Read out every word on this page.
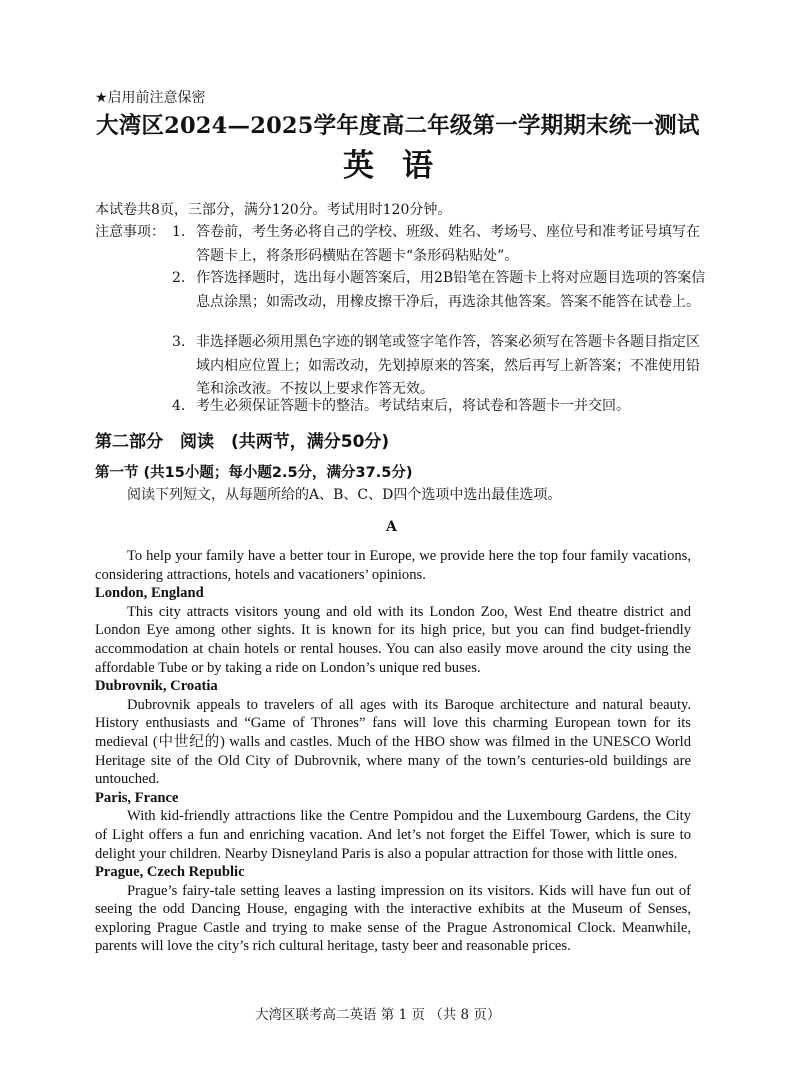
★启用前注意保密
大湾区2024—2025学年度高二年级第一学期期末统一测试
英语
本试卷共8页，三部分，满分120分。考试用时120分钟。
注意事项： 1. 答卷前，考生务必将自己的学校、班级、姓名、考场号、座位号和准考证号填写在答题卡上，将条形码横贴在答题卡“条形码粘贴处”。
2. 作答选择题时，选出每小题答案后，用2B铅笔在答题卡上将对应题目选项的答案信息点涂黑；如需改动，用橡皮擦干净后，再选涂其他答案。答案不能答在试卷上。
3. 非选择题必须用黑色字迹的钢笔或签字笔作答，答案必须写在答题卡各题目指定区域内相应位置上；如需改动，先划掉原来的答案，然后再写上新答案；不准使用铅笔和涂改液。不按以上要求作答无效。
4. 考生必须保证答题卡的整洁。考试结束后，将试卷和答题卡一并交回。
第二部分　阅读　(共两节，满分50分)
第一节 (共15小题；每小题2.5分，满分37.5分)
阅读下列短文，从每题所给的A、B、C、D四个选项中选出最佳选项。
A

To help your family have a better tour in Europe, we provide here the top four family vacations, considering attractions, hotels and vacationers’ opinions.

London, England

This city attracts visitors young and old with its London Zoo, West End theatre district and London Eye among other sights. It is known for its high price, but you can find budget-friendly accommodation at chain hotels or rental houses. You can also easily move around the city using the affordable Tube or by taking a ride on London’s unique red buses.

Dubrovnik, Croatia

Dubrovnik appeals to travelers of all ages with its Baroque architecture and natural beauty. History enthusiasts and “Game of Thrones” fans will love this charming European town for its medieval (中世纪的) walls and castles. Much of the HBO show was filmed in the UNESCO World Heritage site of the Old City of Dubrovnik, where many of the town’s centuries-old buildings are untouched.

Paris, France

With kid-friendly attractions like the Centre Pompidou and the Luxembourg Gardens, the City of Light offers a fun and enriching vacation. And let’s not forget the Eiffel Tower, which is sure to delight your children. Nearby Disneyland Paris is also a popular attraction for those with little ones.

Prague, Czech Republic

Prague’s fairy-tale setting leaves a lasting impression on its visitors. Kids will have fun out of seeing the odd Dancing House, engaging with the interactive exhibits at the Museum of Senses, exploring Prague Castle and trying to make sense of the Prague Astronomical Clock. Meanwhile, parents will love the city’s rich cultural heritage, tasty beer and reasonable prices.

大湾区联考高二英语 第 1 页 （共 8 页）
